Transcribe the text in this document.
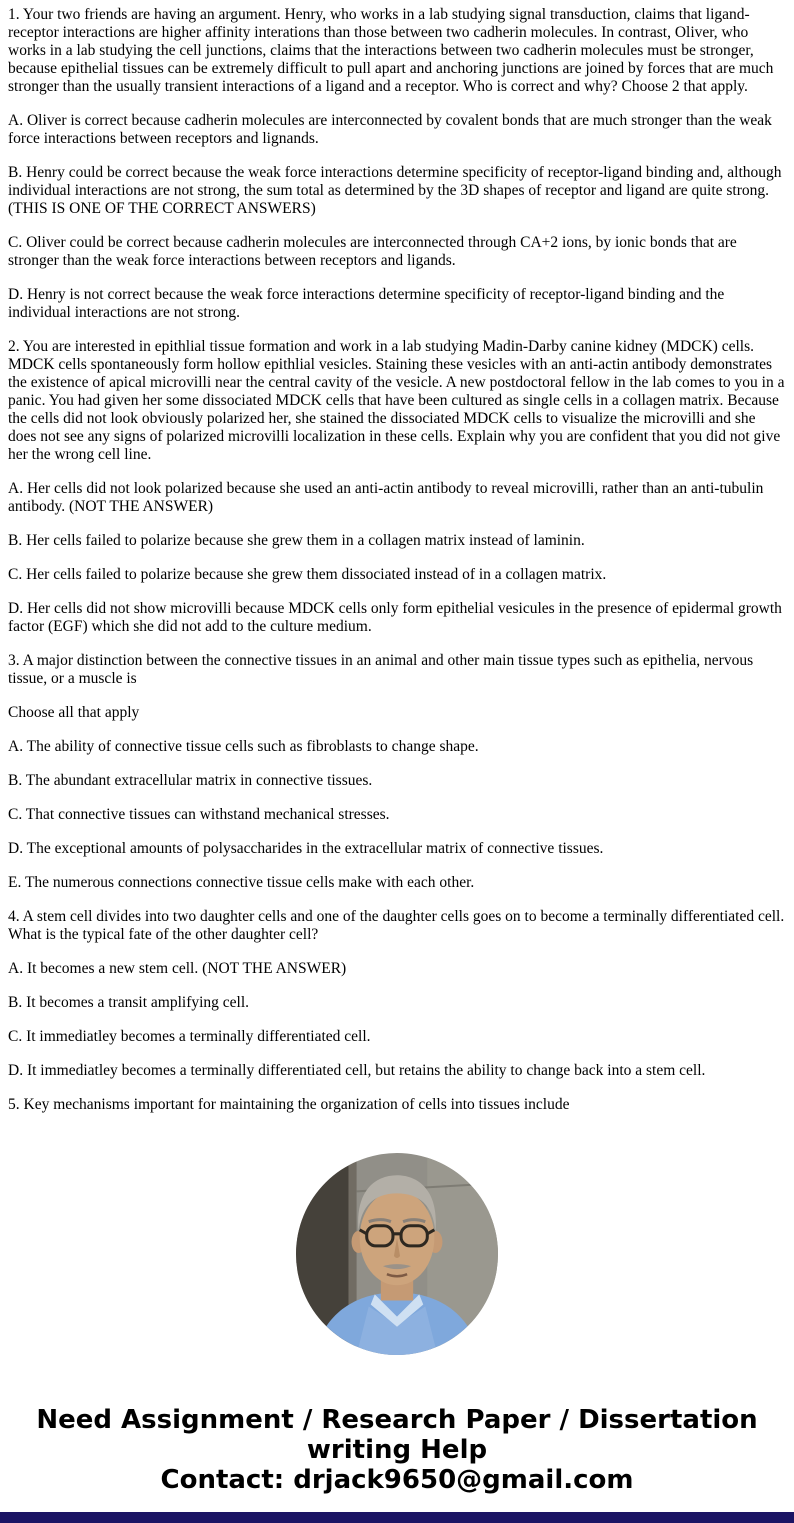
1. Your two friends are having an argument. Henry, who works in a lab studying signal transduction, claims that ligand-receptor interactions are higher affinity interations than those between two cadherin molecules. In contrast, Oliver, who works in a lab studying the cell junctions, claims that the interactions between two cadherin molecules must be stronger, because epithelial tissues can be extremely difficult to pull apart and anchoring junctions are joined by forces that are much stronger than the usually transient interactions of a ligand and a receptor. Who is correct and why? Choose 2 that apply.

A. Oliver is correct because cadherin molecules are interconnected by covalent bonds that are much stronger than the weak force interactions between receptors and lignands.

B. Henry could be correct because the weak force interactions determine specificity of receptor-ligand binding and, although individual interactions are not strong, the sum total as determined by the 3D shapes of receptor and ligand are quite strong. (THIS IS ONE OF THE CORRECT ANSWERS)

C. Oliver could be correct because cadherin molecules are interconnected through CA+2 ions, by ionic bonds that are stronger than the weak force interactions between receptors and ligands.

D. Henry is not correct because the weak force interactions determine specificity of receptor-ligand binding and the individual interactions are not strong.

2. You are interested in epithlial tissue formation and work in a lab studying Madin-Darby canine kidney (MDCK) cells. MDCK cells spontaneously form hollow epithlial vesicles. Staining these vesicles with an anti-actin antibody demonstrates the existence of apical microvilli near the central cavity of the vesicle. A new postdoctoral fellow in the lab comes to you in a panic. You had given her some dissociated MDCK cells that have been cultured as single cells in a collagen matrix. Because the cells did not look obviously polarized her, she stained the dissociated MDCK cells to visualize the microvilli and she does not see any signs of polarized microvilli localization in these cells. Explain why you are confident that you did not give her the wrong cell line.

A. Her cells did not look polarized because she used an anti-actin antibody to reveal microvilli, rather than an anti-tubulin antibody. (NOT THE ANSWER)

B. Her cells failed to polarize because she grew them in a collagen matrix instead of laminin.

C. Her cells failed to polarize because she grew them dissociated instead of in a collagen matrix.

D. Her cells did not show microvilli because MDCK cells only form epithelial vesicules in the presence of epidermal growth factor (EGF) which she did not add to the culture medium.

3. A major distinction between the connective tissues in an animal and other main tissue types such as epithelia, nervous tissue, or a muscle is

Choose all that apply

A. The ability of connective tissue cells such as fibroblasts to change shape.

B. The abundant extracellular matrix in connective tissues.

C. That connective tissues can withstand mechanical stresses.

D. The exceptional amounts of polysaccharides in the extracellular matrix of connective tissues.

E. The numerous connections connective tissue cells make with each other.

4. A stem cell divides into two daughter cells and one of the daughter cells goes on to become a terminally differentiated cell. What is the typical fate of the other daughter cell?

A. It becomes a new stem cell. (NOT THE ANSWER)

B. It becomes a transit amplifying cell.

C. It immediatley becomes a terminally differentiated cell.

D. It immediatley becomes a terminally differentiated cell, but retains the ability to change back into a stem cell.

5. Key mechanisms important for maintaining the organization of cells into tissues include

Need Assignment / Research Paper / Dissertation writing Help
Contact: drjack9650@gmail.com
